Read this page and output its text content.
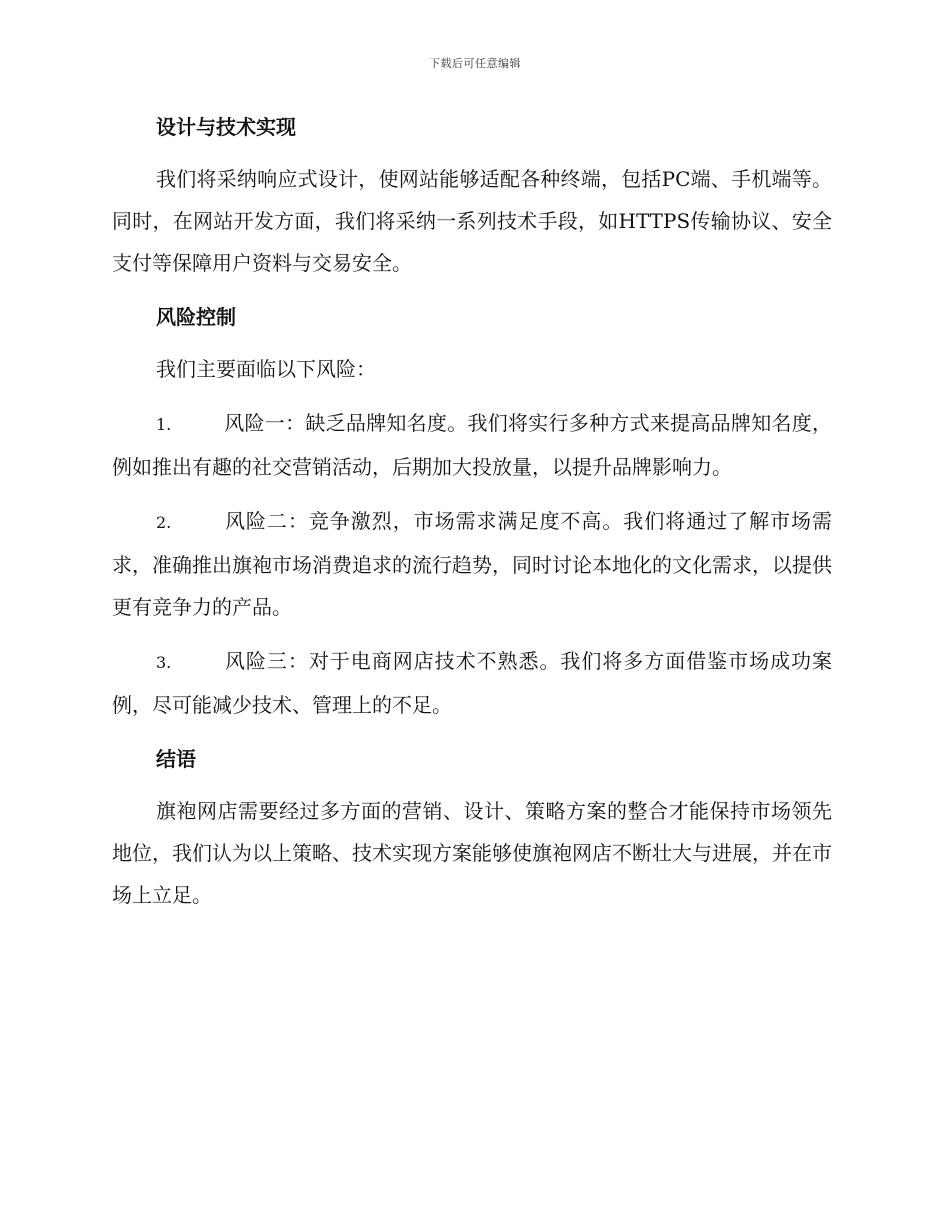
下载后可任意编辑
设计与技术实现

我们将采纳响应式设计，使网站能够适配各种终端，包括PC端、手机端等。同时，在网站开发方面，我们将采纳一系列技术手段，如HTTPS传输协议、安全支付等保障用户资料与交易安全。

风险控制

我们主要面临以下风险：

1.	风险一：缺乏品牌知名度。我们将实行多种方式来提高品牌知名度，例如推出有趣的社交营销活动，后期加大投放量，以提升品牌影响力。

2.	风险二：竞争激烈，市场需求满足度不高。我们将通过了解市场需求，准确推出旗袍市场消费追求的流行趋势，同时讨论本地化的文化需求，以提供更有竞争力的产品。

3.	风险三：对于电商网店技术不熟悉。我们将多方面借鉴市场成功案例，尽可能减少技术、管理上的不足。

结语

旗袍网店需要经过多方面的营销、设计、策略方案的整合才能保持市场领先地位，我们认为以上策略、技术实现方案能够使旗袍网店不断壮大与进展，并在市场上立足。
